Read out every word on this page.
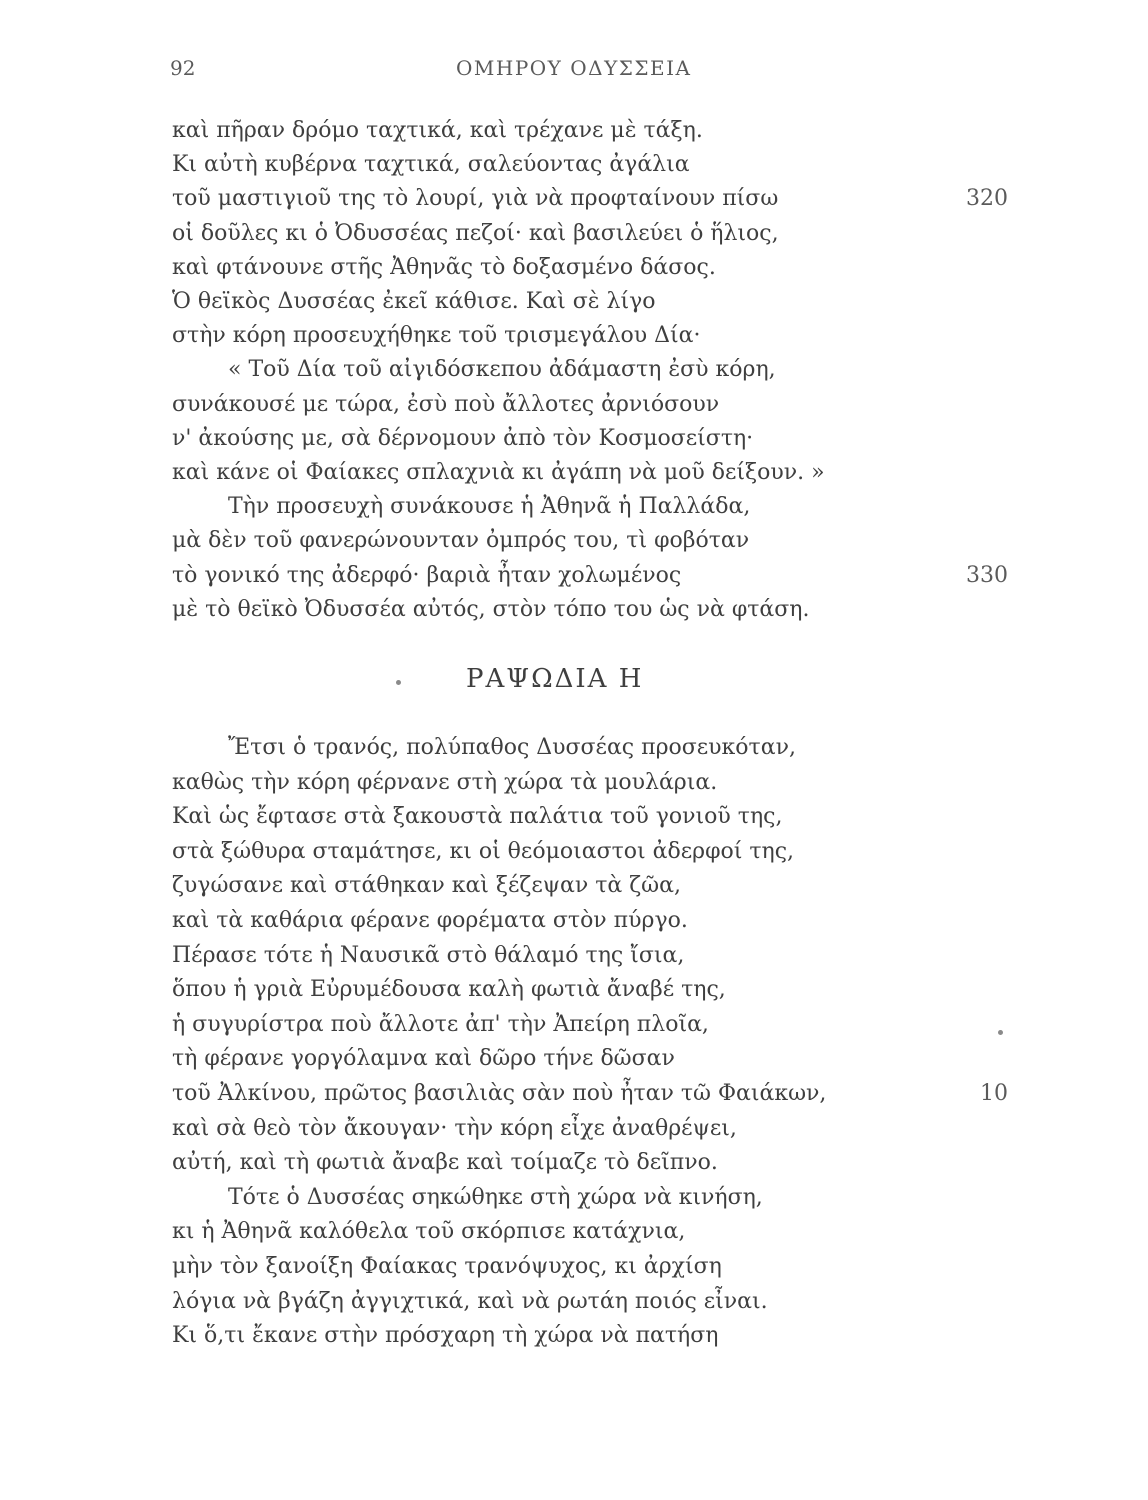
92	ΟΜΗΡΟΥ ΟΔΥΣΣΕΙΑ
καὶ πῆραν δρόμο ταχτικά, καὶ τρέχανε μὲ τάξη.
Κι αὐτὴ κυβέρνα ταχτικά, σαλεύοντας ἀγάλια
τοῦ μαστιγιοῦ της τὸ λουρί, γιὰ νὰ προφταίνουν πίσω	320
οἱ δοῦλες κι ὁ Ὀδυσσέας πεζοί· καὶ βασιλεύει ὁ ἥλιος,
καὶ φτάνουνε στῆς Ἀθηνᾶς τὸ δοξασμένο δάσος.
Ὁ θεϊκὸς Δυσσέας ἐκεῖ κάθισε. Καὶ σὲ λίγο
στὴν κόρη προσευχήθηκε τοῦ τρισμεγάλου Δία·
« Τοῦ Δία τοῦ αἰγιδόσκεπου ἀδάμαστη ἐσὺ κόρη,
συνάκουσέ με τώρα, ἐσὺ ποὺ ἄλλοτες ἀρνιόσουν
ν' ἀκούσης με, σὰ δέρνομουν ἀπὸ τὸν Κοσμοσείστη·
καὶ κάνε οἱ Φαίακες σπλαχνιὰ κι ἀγάπη νὰ μοῦ δείξουν. »
Τὴν προσευχὴ συνάκουσε ἡ Ἀθηνᾶ ἡ Παλλάδα,
μὰ δὲν τοῦ φανερώνουνταν ὀμπρός του, τὶ φοβόταν
τὸ γονικό της ἀδερφό· βαριὰ ἦταν χολωμένος	330
μὲ τὸ θεϊκὸ Ὀδυσσέα αὐτός, στὸν τόπο του ὡς νὰ φτάση.
ΡΑΨΩΔΙΑ Η
Ἔτσι ὁ τρανός, πολύπαθος Δυσσέας προσευκόταν,
καθὼς τὴν κόρη φέρνανε στὴ χώρα τὰ μουλάρια.
Καὶ ὡς ἔφτασε στὰ ξακουστὰ παλάτια τοῦ γονιοῦ της,
στὰ ξώθυρα σταμάτησε, κι οἱ θεόμοιαστοι ἀδερφοί της,
ζυγώσανε καὶ στάθηκαν καὶ ξέζεψαν τὰ ζῶα,
καὶ τὰ καθάρια φέρανε φορέματα στὸν πύργο.
Πέρασε τότε ἡ Ναυσικᾶ στὸ θάλαμό της ἴσια,
ὅπου ἡ γριὰ Εὐρυμέδουσα καλὴ φωτιὰ ἄναβέ της,
ἡ συγυρίστρα ποὺ ἄλλοτε ἀπ' τὴν Ἀπείρη πλοῖα,
τὴ φέρανε γοργόλαμνα καὶ δῶρο τήνε δῶσαν
τοῦ Ἀλκίνου, πρῶτος βασιλιὰς σὰν ποὺ ἦταν τῶ Φαιάκων,	10
καὶ σὰ θεὸ τὸν ἄκουγαν· τὴν κόρη εἶχε ἀναθρέψει,
αὐτή, καὶ τὴ φωτιὰ ἄναβε καὶ τοίμαζε τὸ δεῖπνο.
Τότε ὁ Δυσσέας σηκώθηκε στὴ χώρα νὰ κινήση,
κι ἡ Ἀθηνᾶ καλόθελα τοῦ σκόρπισε κατάχνια,
μὴν τὸν ξανοίξη Φαίακας τρανόψυχος, κι ἀρχίση
λόγια νὰ βγάζη ἀγγιχτικά, καὶ νὰ ρωτάη ποιός εἶναι.
Κι ὅ,τι ἔκανε στὴν πρόσχαρη τὴ χώρα νὰ πατήση
